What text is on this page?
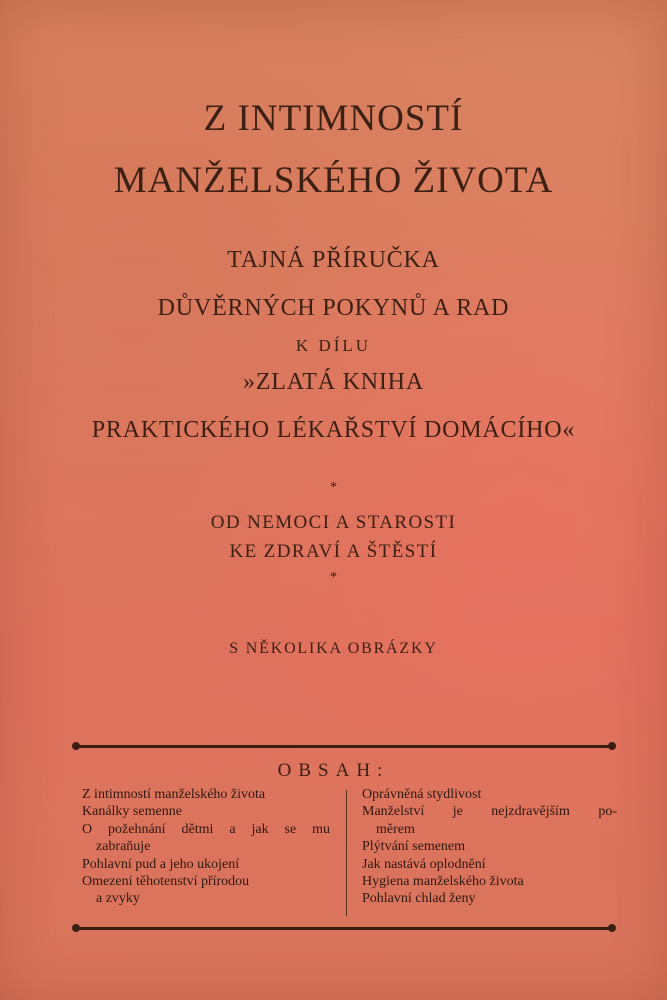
Z INTIMNOSTÍ
MANŽELSKÉHO ŽIVOTA
TAJNÁ PŘÍRUČKA
DŮVĚRNÝCH POKYNŮ A RAD
K DÍLU
»ZLATÁ KNIHA
PRAKTICKÉHO LÉKAŘSTVÍ DOMÁCÍHO«
*
OD NEMOCI A STAROSTI
KE ZDRAVÍ A ŠTĚSTÍ
*
S NĚKOLIKA OBRÁZKY
OBSAH:
Z intimností manželského života
Kanálky semenne
O požehnání dětmi a jak se mu
zabraňuje
Pohlavní pud a jeho ukojení
Omezení těhotenství přírodou
a zvyky
Oprávněná stydlivost
Manželství je nejzdravějším po-
měrem
Plýtvání semenem
Jak nastává oplodnění
Hygiena manželského života
Pohlavní chlad ženy
